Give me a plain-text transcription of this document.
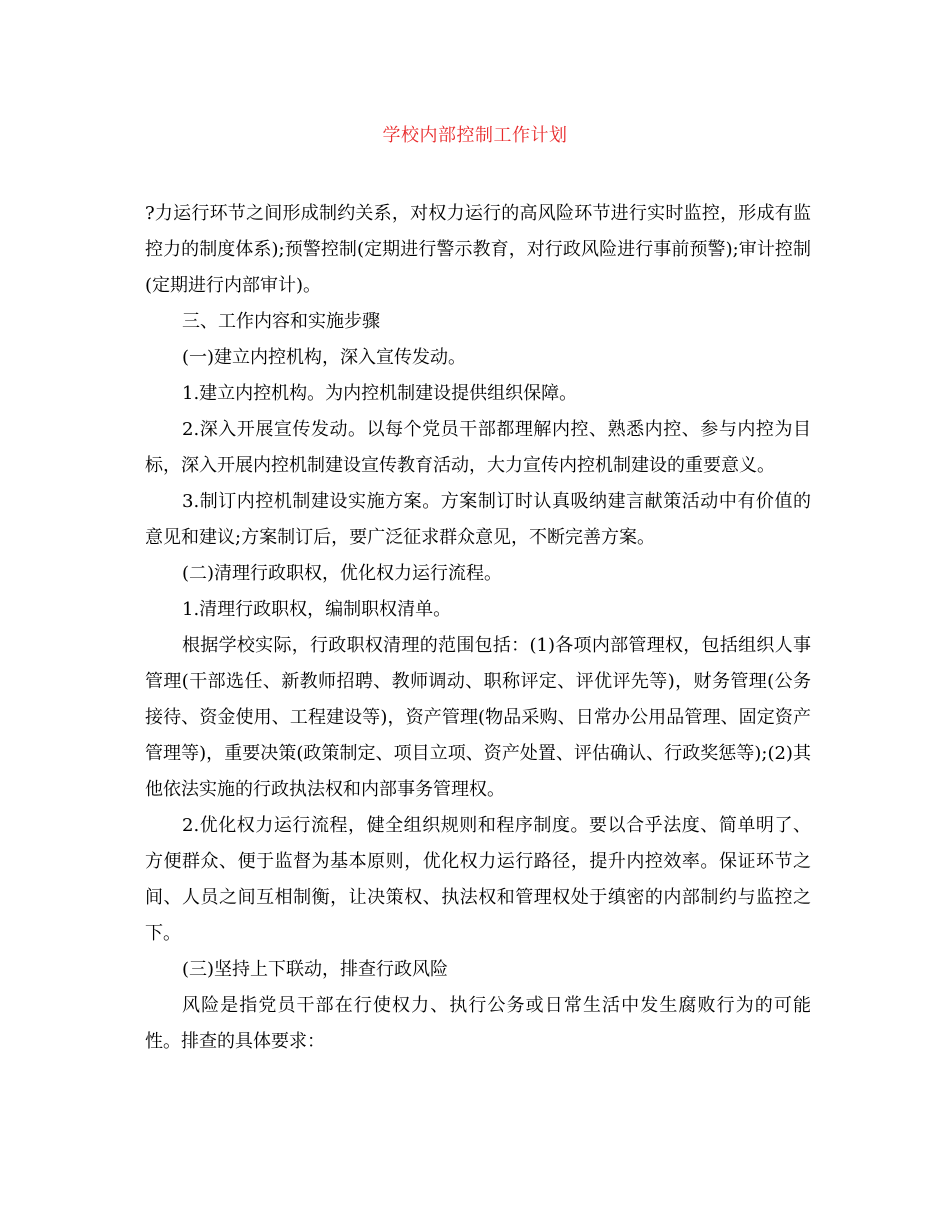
学校内部控制工作计划

?力运行环节之间形成制约关系，对权力运行的高风险环节进行实时监控，形成有监控力的制度体系);预警控制(定期进行警示教育，对行政风险进行事前预警);审计控制(定期进行内部审计)。

三、工作内容和实施步骤

(一)建立内控机构，深入宣传发动。

1.建立内控机构。为内控机制建设提供组织保障。

2.深入开展宣传发动。以每个党员干部都理解内控、熟悉内控、参与内控为目标，深入开展内控机制建设宣传教育活动，大力宣传内控机制建设的重要意义。

3.制订内控机制建设实施方案。方案制订时认真吸纳建言献策活动中有价值的意见和建议;方案制订后，要广泛征求群众意见，不断完善方案。

(二)清理行政职权，优化权力运行流程。

1.清理行政职权，编制职权清单。

根据学校实际，行政职权清理的范围包括：(1)各项内部管理权，包括组织人事管理(干部选任、新教师招聘、教师调动、职称评定、评优评先等)，财务管理(公务接待、资金使用、工程建设等)，资产管理(物品采购、日常办公用品管理、固定资产管理等)，重要决策(政策制定、项目立项、资产处置、评估确认、行政奖惩等);(2)其他依法实施的行政执法权和内部事务管理权。

2.优化权力运行流程，健全组织规则和程序制度。要以合乎法度、简单明了、方便群众、便于监督为基本原则，优化权力运行路径，提升内控效率。保证环节之间、人员之间互相制衡，让决策权、执法权和管理权处于缜密的内部制约与监控之下。

(三)坚持上下联动，排查行政风险

风险是指党员干部在行使权力、执行公务或日常生活中发生腐败行为的可能性。排查的具体要求：
